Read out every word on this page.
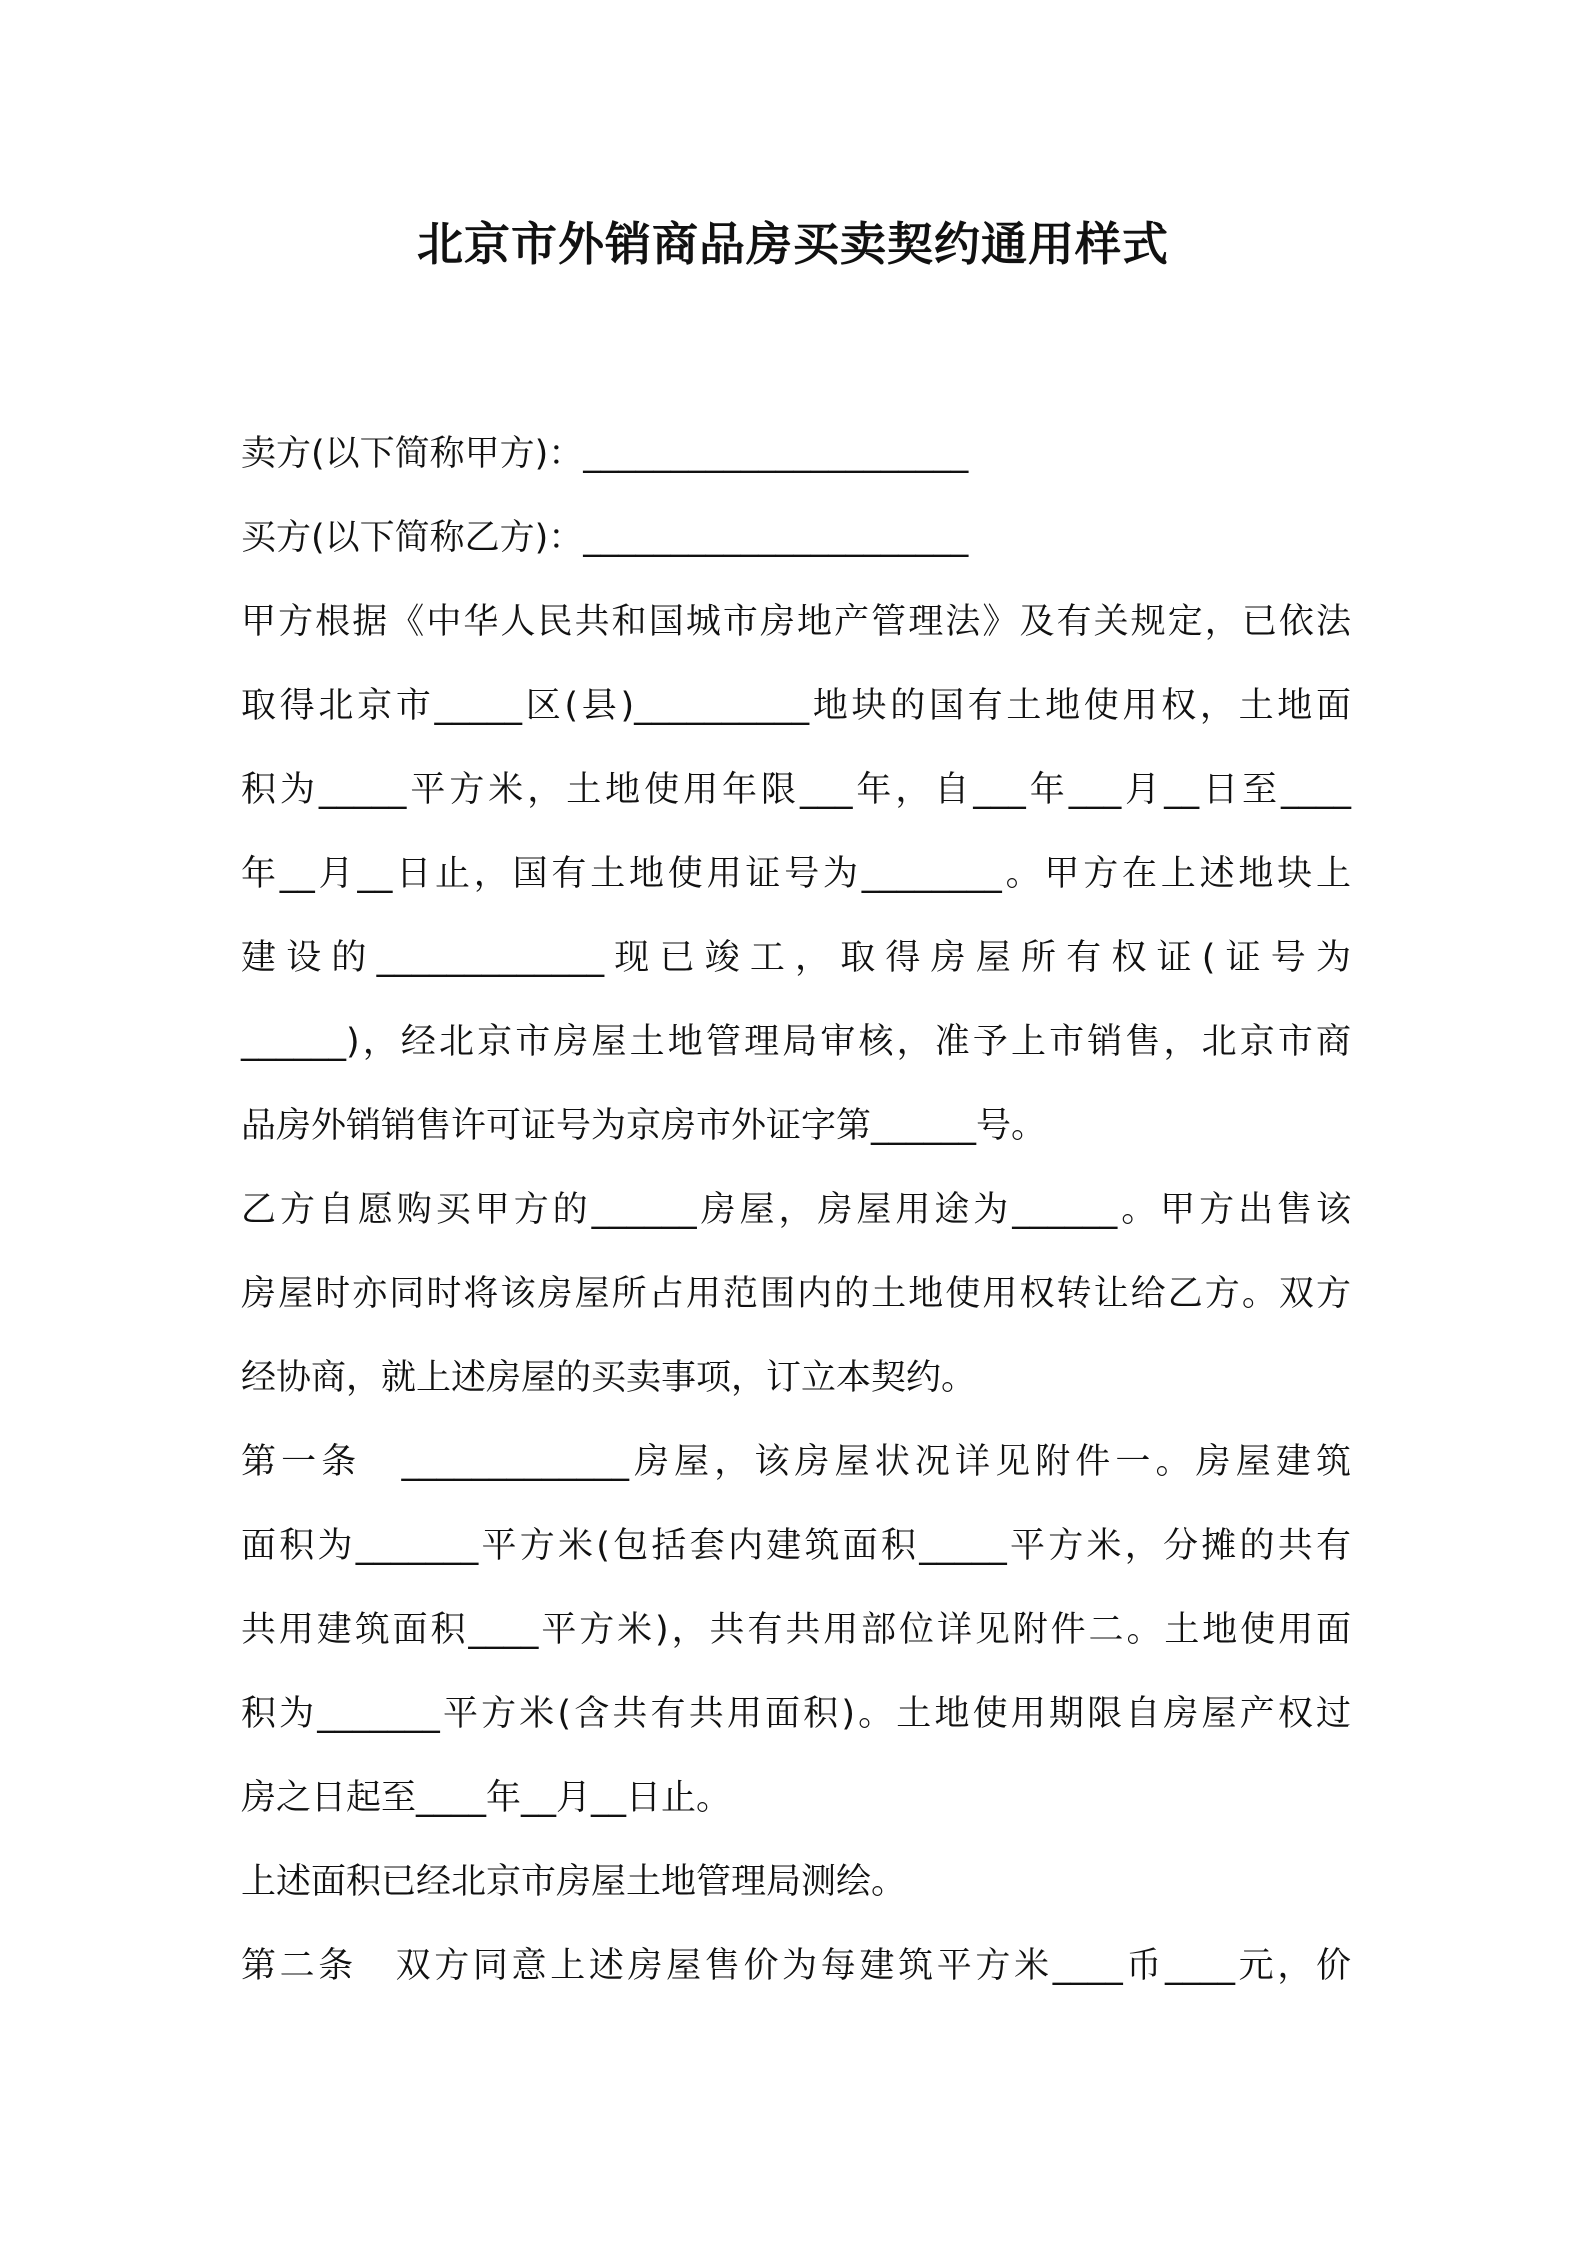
北京市外销商品房买卖契约通用样式
卖方(以下简称甲方)：______________________
买方(以下简称乙方)：______________________
甲方根据《中华人民共和国城市房地产管理法》及有关规定，已依法
取得北京市_____区(县)__________地块的国有土地使用权，土地面
积为_____平方米，土地使用年限___年，自___年___月__日至____
年__月__日止，国有土地使用证号为________。甲方在上述地块上
建设的_____________现已竣工，取得房屋所有权证(证号为
______)，经北京市房屋土地管理局审核，准予上市销售，北京市商
品房外销销售许可证号为京房市外证字第______号。
乙方自愿购买甲方的______房屋，房屋用途为______。甲方出售该
房屋时亦同时将该房屋所占用范围内的土地使用权转让给乙方。双方
经协商，就上述房屋的买卖事项，订立本契约。
第一条　_____________房屋，该房屋状况详见附件一。房屋建筑
面积为_______平方米(包括套内建筑面积_____平方米，分摊的共有
共用建筑面积____平方米)，共有共用部位详见附件二。土地使用面
积为_______平方米(含共有共用面积)。土地使用期限自房屋产权过
房之日起至____年__月__日止。
上述面积已经北京市房屋土地管理局测绘。
第二条　双方同意上述房屋售价为每建筑平方米____币____元，价
